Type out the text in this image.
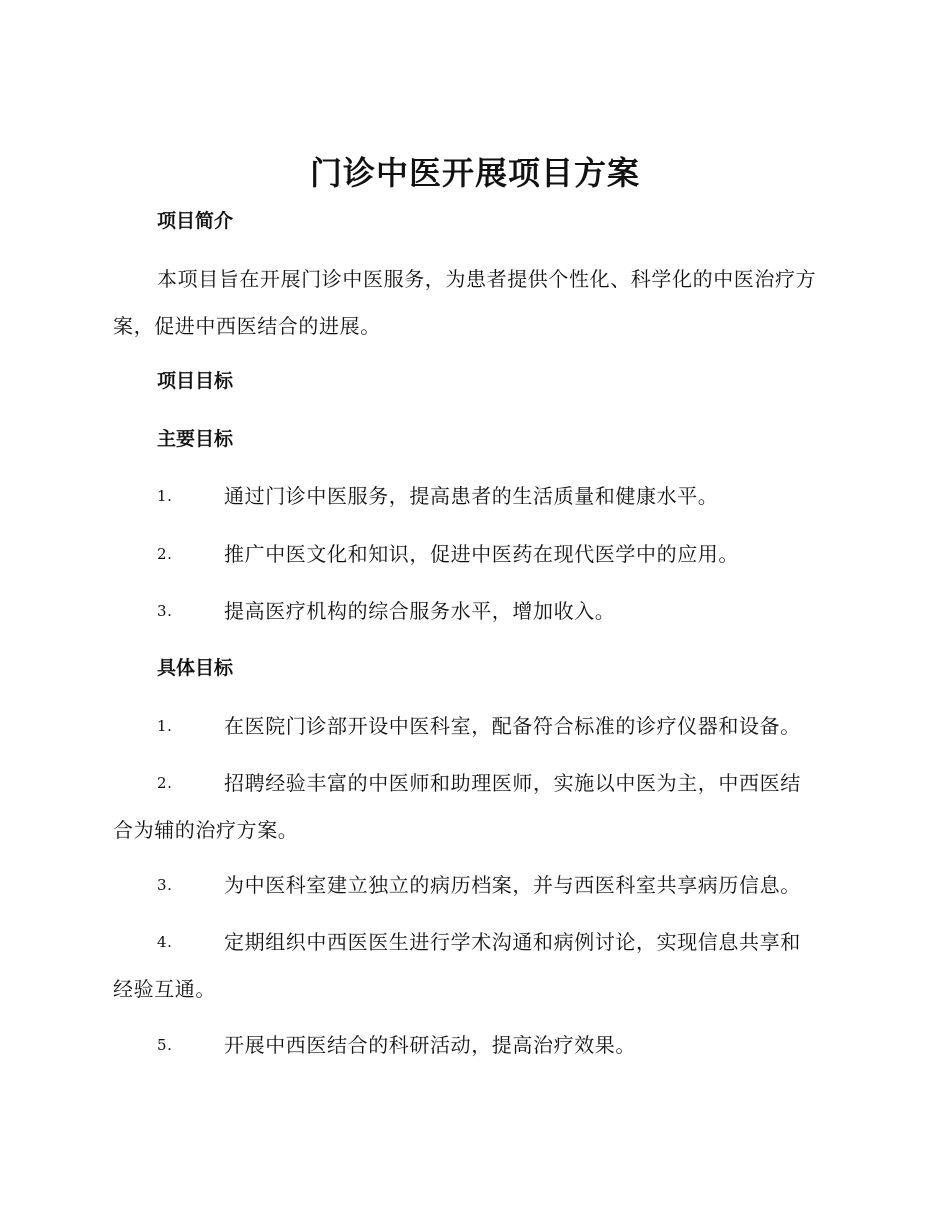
门诊中医开展项目方案
项目简介

本项目旨在开展门诊中医服务，为患者提供个性化、科学化的中医治疗方案，促进中西医结合的进展。

项目目标
主要目标
1.	通过门诊中医服务，提高患者的生活质量和健康水平。
2.	推广中医文化和知识，促进中医药在现代医学中的应用。
3.	提高医疗机构的综合服务水平，增加收入。
具体目标
1.	在医院门诊部开设中医科室，配备符合标准的诊疗仪器和设备。
2.	招聘经验丰富的中医师和助理医师，实施以中医为主，中西医结
合为辅的治疗方案。
3.	为中医科室建立独立的病历档案，并与西医科室共享病历信息。
4.	定期组织中西医医生进行学术沟通和病例讨论，实现信息共享和
经验互通。
5.	开展中西医结合的科研活动，提高治疗效果。
